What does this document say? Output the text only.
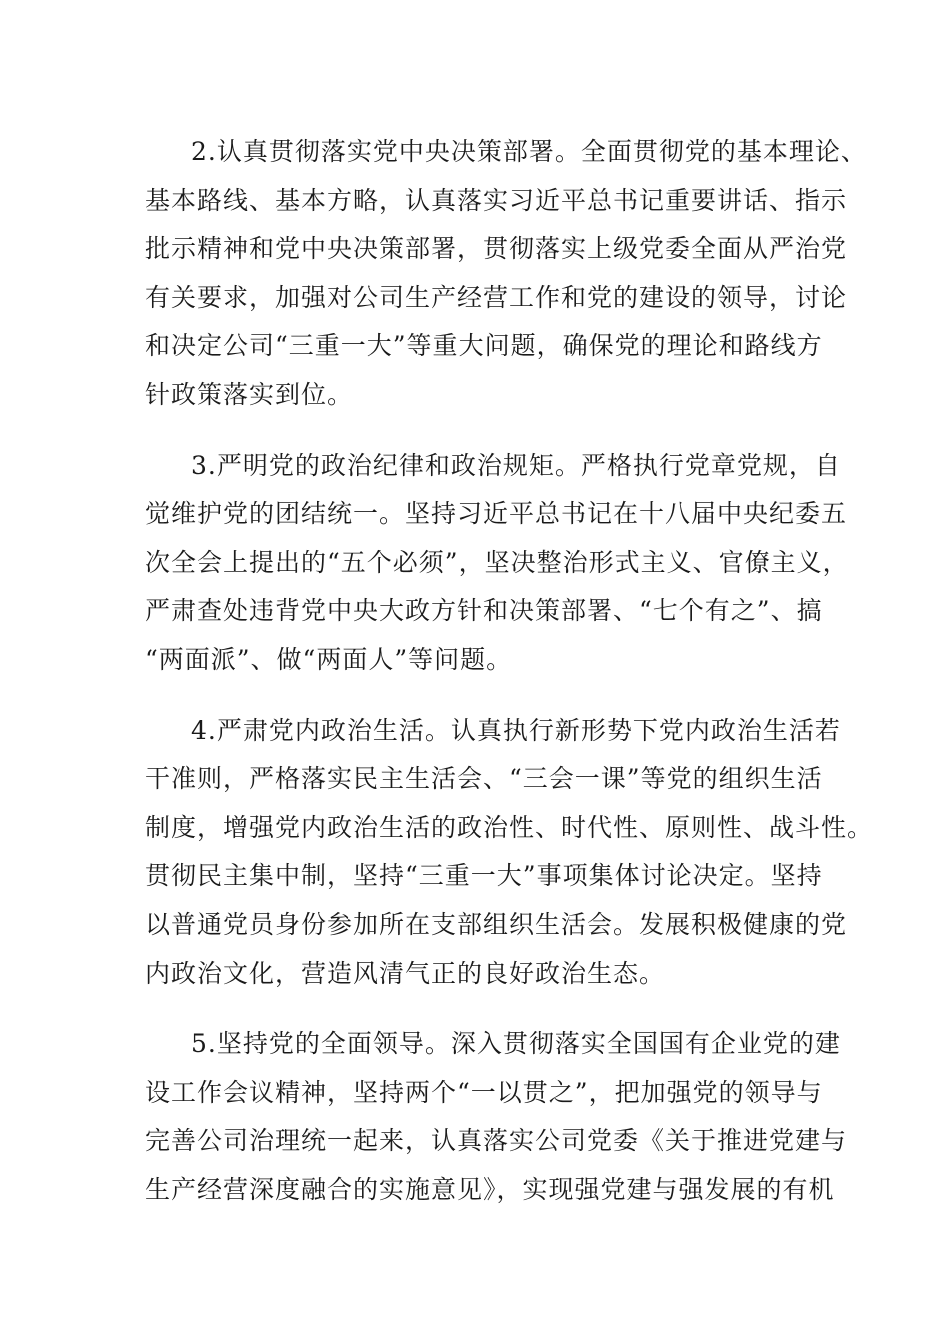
2.认真贯彻落实党中央决策部署。全面贯彻党的基本理论、
基本路线、基本方略，认真落实习近平总书记重要讲话、指示
批示精神和党中央决策部署，贯彻落实上级党委全面从严治党
有关要求，加强对公司生产经营工作和党的建设的领导，讨论
和决定公司“三重一大”等重大问题，确保党的理论和路线方
针政策落实到位。
3.严明党的政治纪律和政治规矩。严格执行党章党规，自
觉维护党的团结统一。坚持习近平总书记在十八届中央纪委五
次全会上提出的“五个必须”，坚决整治形式主义、官僚主义，
严肃查处违背党中央大政方针和决策部署、“七个有之”、搞
“两面派”、做“两面人”等问题。
4.严肃党内政治生活。认真执行新形势下党内政治生活若
干准则，严格落实民主生活会、“三会一课”等党的组织生活
制度，增强党内政治生活的政治性、时代性、原则性、战斗性。
贯彻民主集中制，坚持“三重一大”事项集体讨论决定。坚持
以普通党员身份参加所在支部组织生活会。发展积极健康的党
内政治文化，营造风清气正的良好政治生态。
5.坚持党的全面领导。深入贯彻落实全国国有企业党的建
设工作会议精神，坚持两个“一以贯之”，把加强党的领导与
完善公司治理统一起来，认真落实公司党委《关于推进党建与
生产经营深度融合的实施意见》，实现强党建与强发展的有机
